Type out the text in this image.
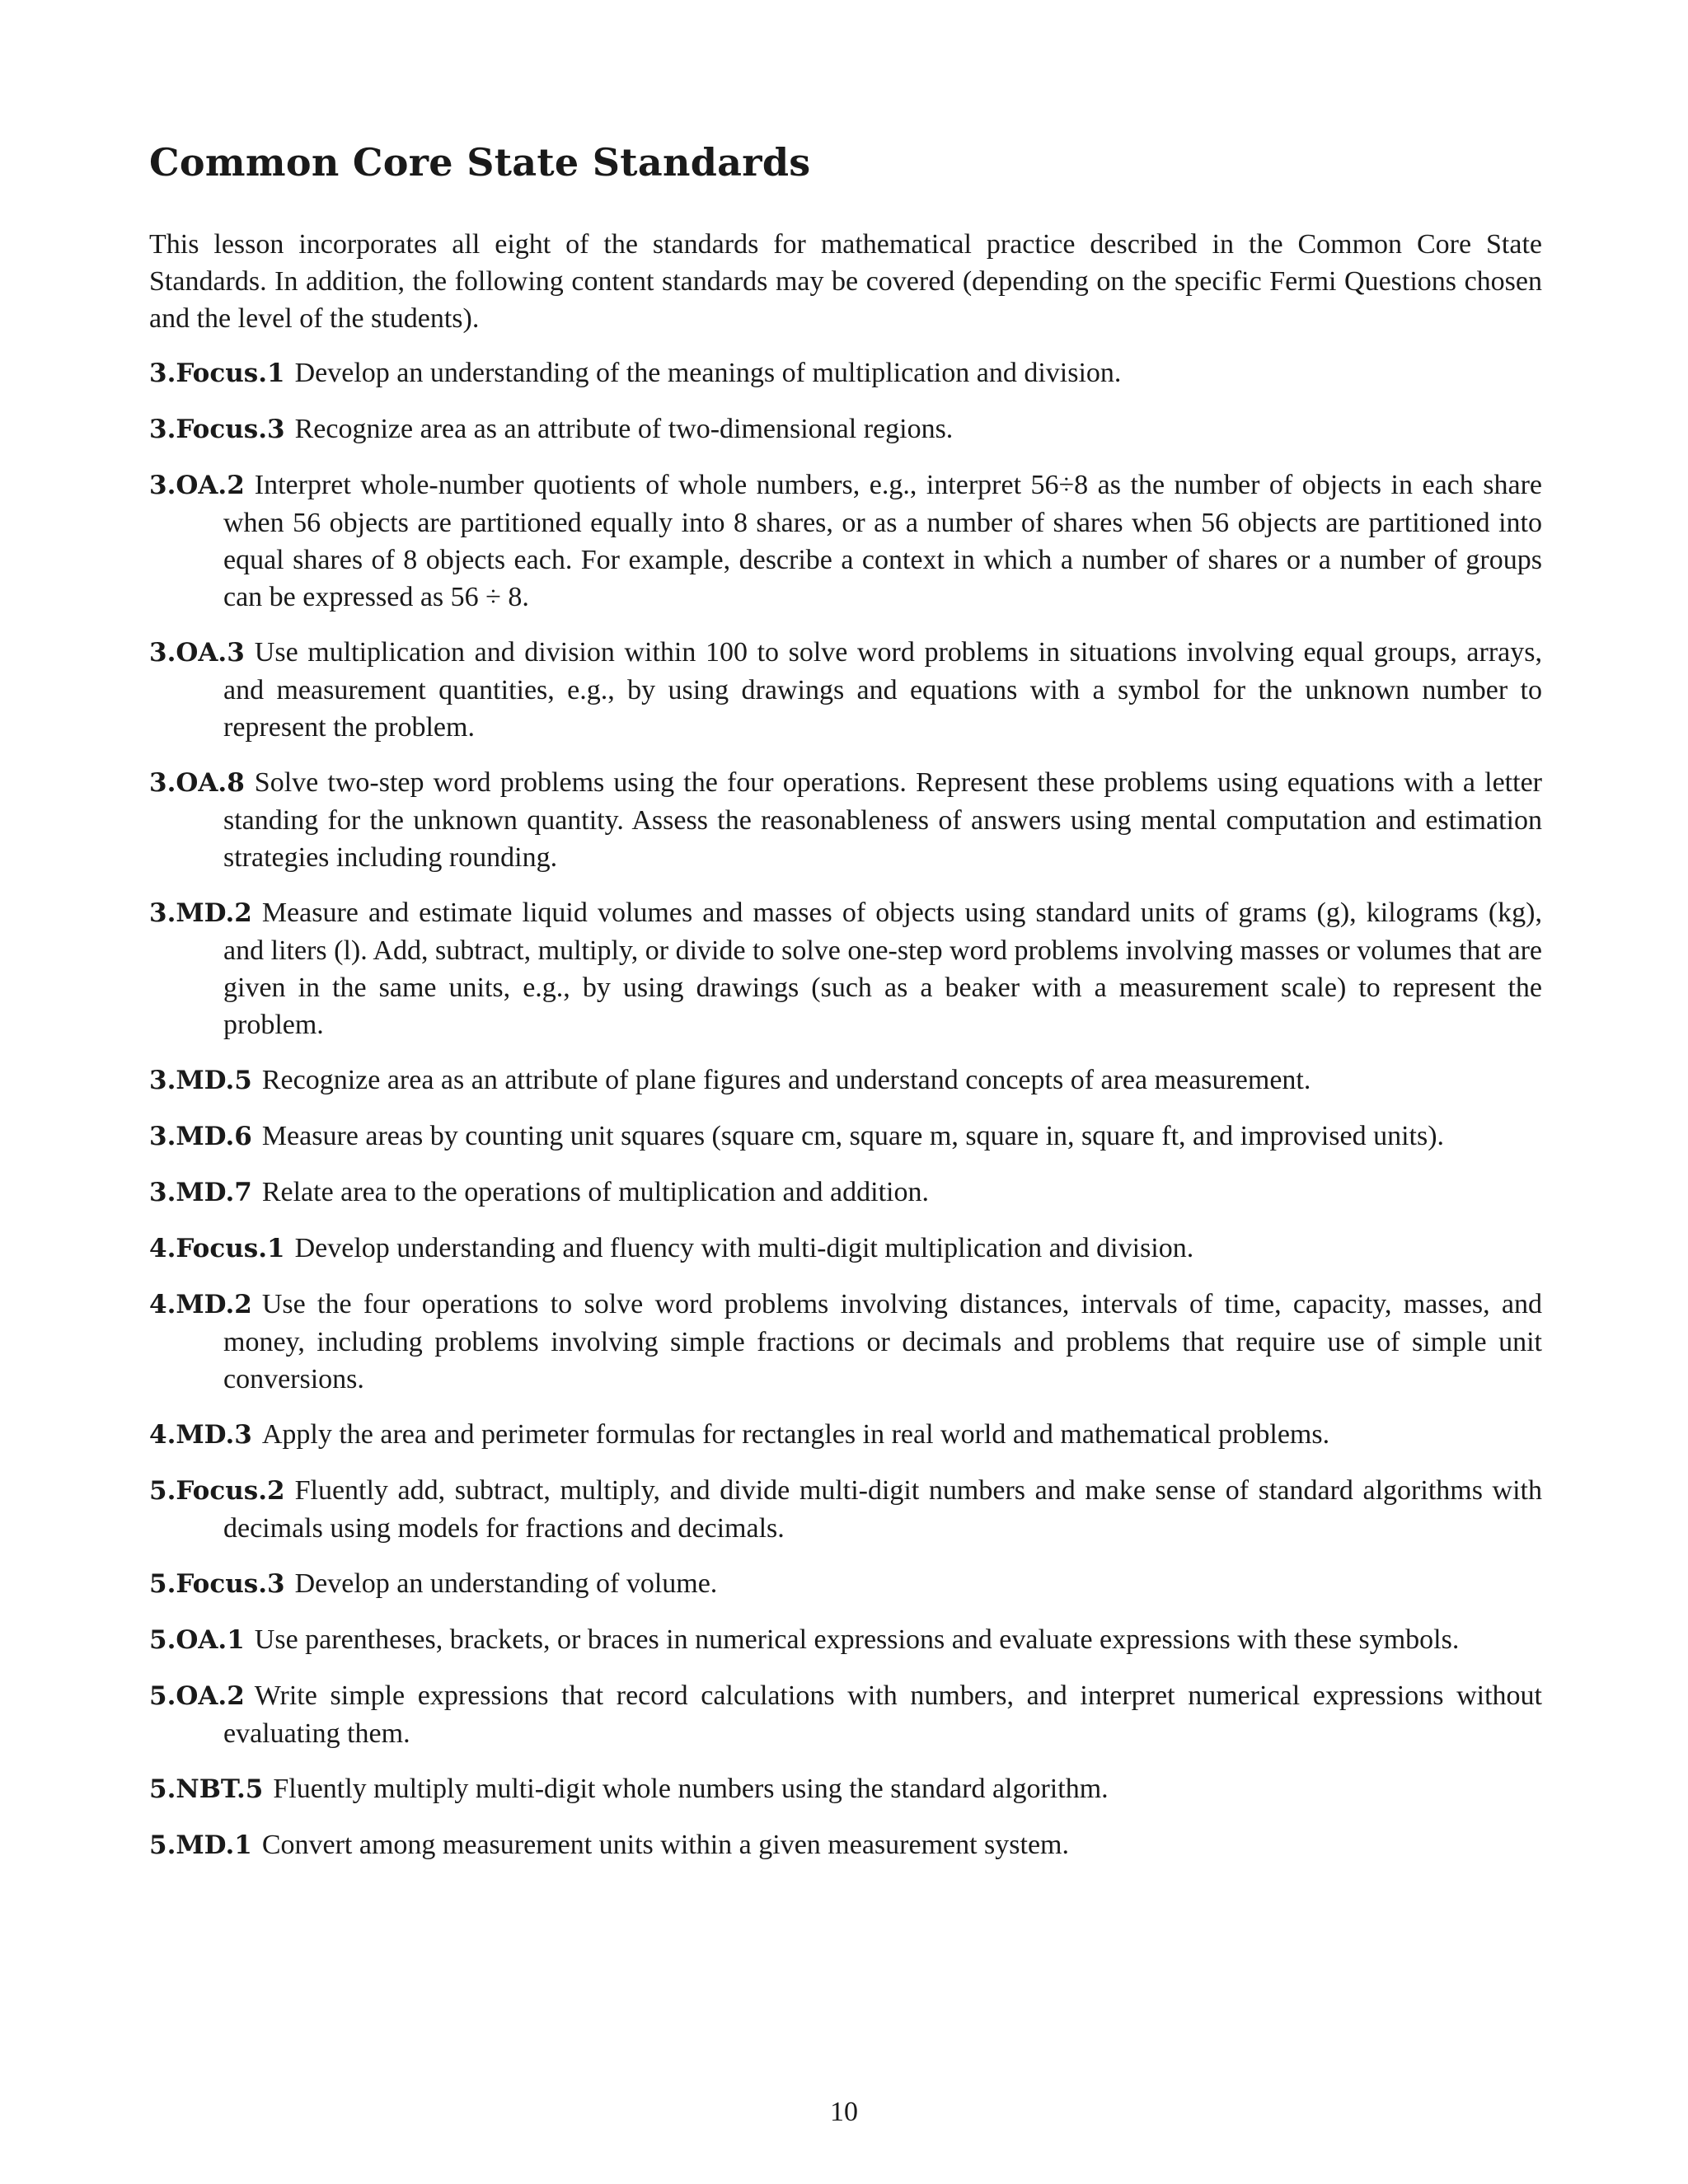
Common Core State Standards

This lesson incorporates all eight of the standards for mathematical practice described in the Common Core State Standards. In addition, the following content standards may be covered (depending on the specific Fermi Questions chosen and the level of the students).

3.Focus.1 Develop an understanding of the meanings of multiplication and division.
3.Focus.3 Recognize area as an attribute of two-dimensional regions.
3.OA.2 Interpret whole-number quotients of whole numbers, e.g., interpret 56÷8 as the number of objects in each share when 56 objects are partitioned equally into 8 shares, or as a number of shares when 56 objects are partitioned into equal shares of 8 objects each. For example, describe a context in which a number of shares or a number of groups can be expressed as 56 ÷ 8.
3.OA.3 Use multiplication and division within 100 to solve word problems in situations involving equal groups, arrays, and measurement quantities, e.g., by using drawings and equations with a symbol for the unknown number to represent the problem.
3.OA.8 Solve two-step word problems using the four operations. Represent these problems using equations with a letter standing for the unknown quantity. Assess the reasonableness of answers using mental computation and estimation strategies including rounding.
3.MD.2 Measure and estimate liquid volumes and masses of objects using standard units of grams (g), kilograms (kg), and liters (l). Add, subtract, multiply, or divide to solve one-step word problems involving masses or volumes that are given in the same units, e.g., by using drawings (such as a beaker with a measurement scale) to represent the problem.
3.MD.5 Recognize area as an attribute of plane figures and understand concepts of area measurement.
3.MD.6 Measure areas by counting unit squares (square cm, square m, square in, square ft, and improvised units).
3.MD.7 Relate area to the operations of multiplication and addition.
4.Focus.1 Develop understanding and fluency with multi-digit multiplication and division.
4.MD.2 Use the four operations to solve word problems involving distances, intervals of time, capacity, masses, and money, including problems involving simple fractions or decimals and problems that require use of simple unit conversions.
4.MD.3 Apply the area and perimeter formulas for rectangles in real world and mathematical problems.
5.Focus.2 Fluently add, subtract, multiply, and divide multi-digit numbers and make sense of standard algorithms with decimals using models for fractions and decimals.
5.Focus.3 Develop an understanding of volume.
5.OA.1 Use parentheses, brackets, or braces in numerical expressions and evaluate expressions with these symbols.
5.OA.2 Write simple expressions that record calculations with numbers, and interpret numerical expressions without evaluating them.
5.NBT.5 Fluently multiply multi-digit whole numbers using the standard algorithm.
5.MD.1 Convert among measurement units within a given measurement system.
10
